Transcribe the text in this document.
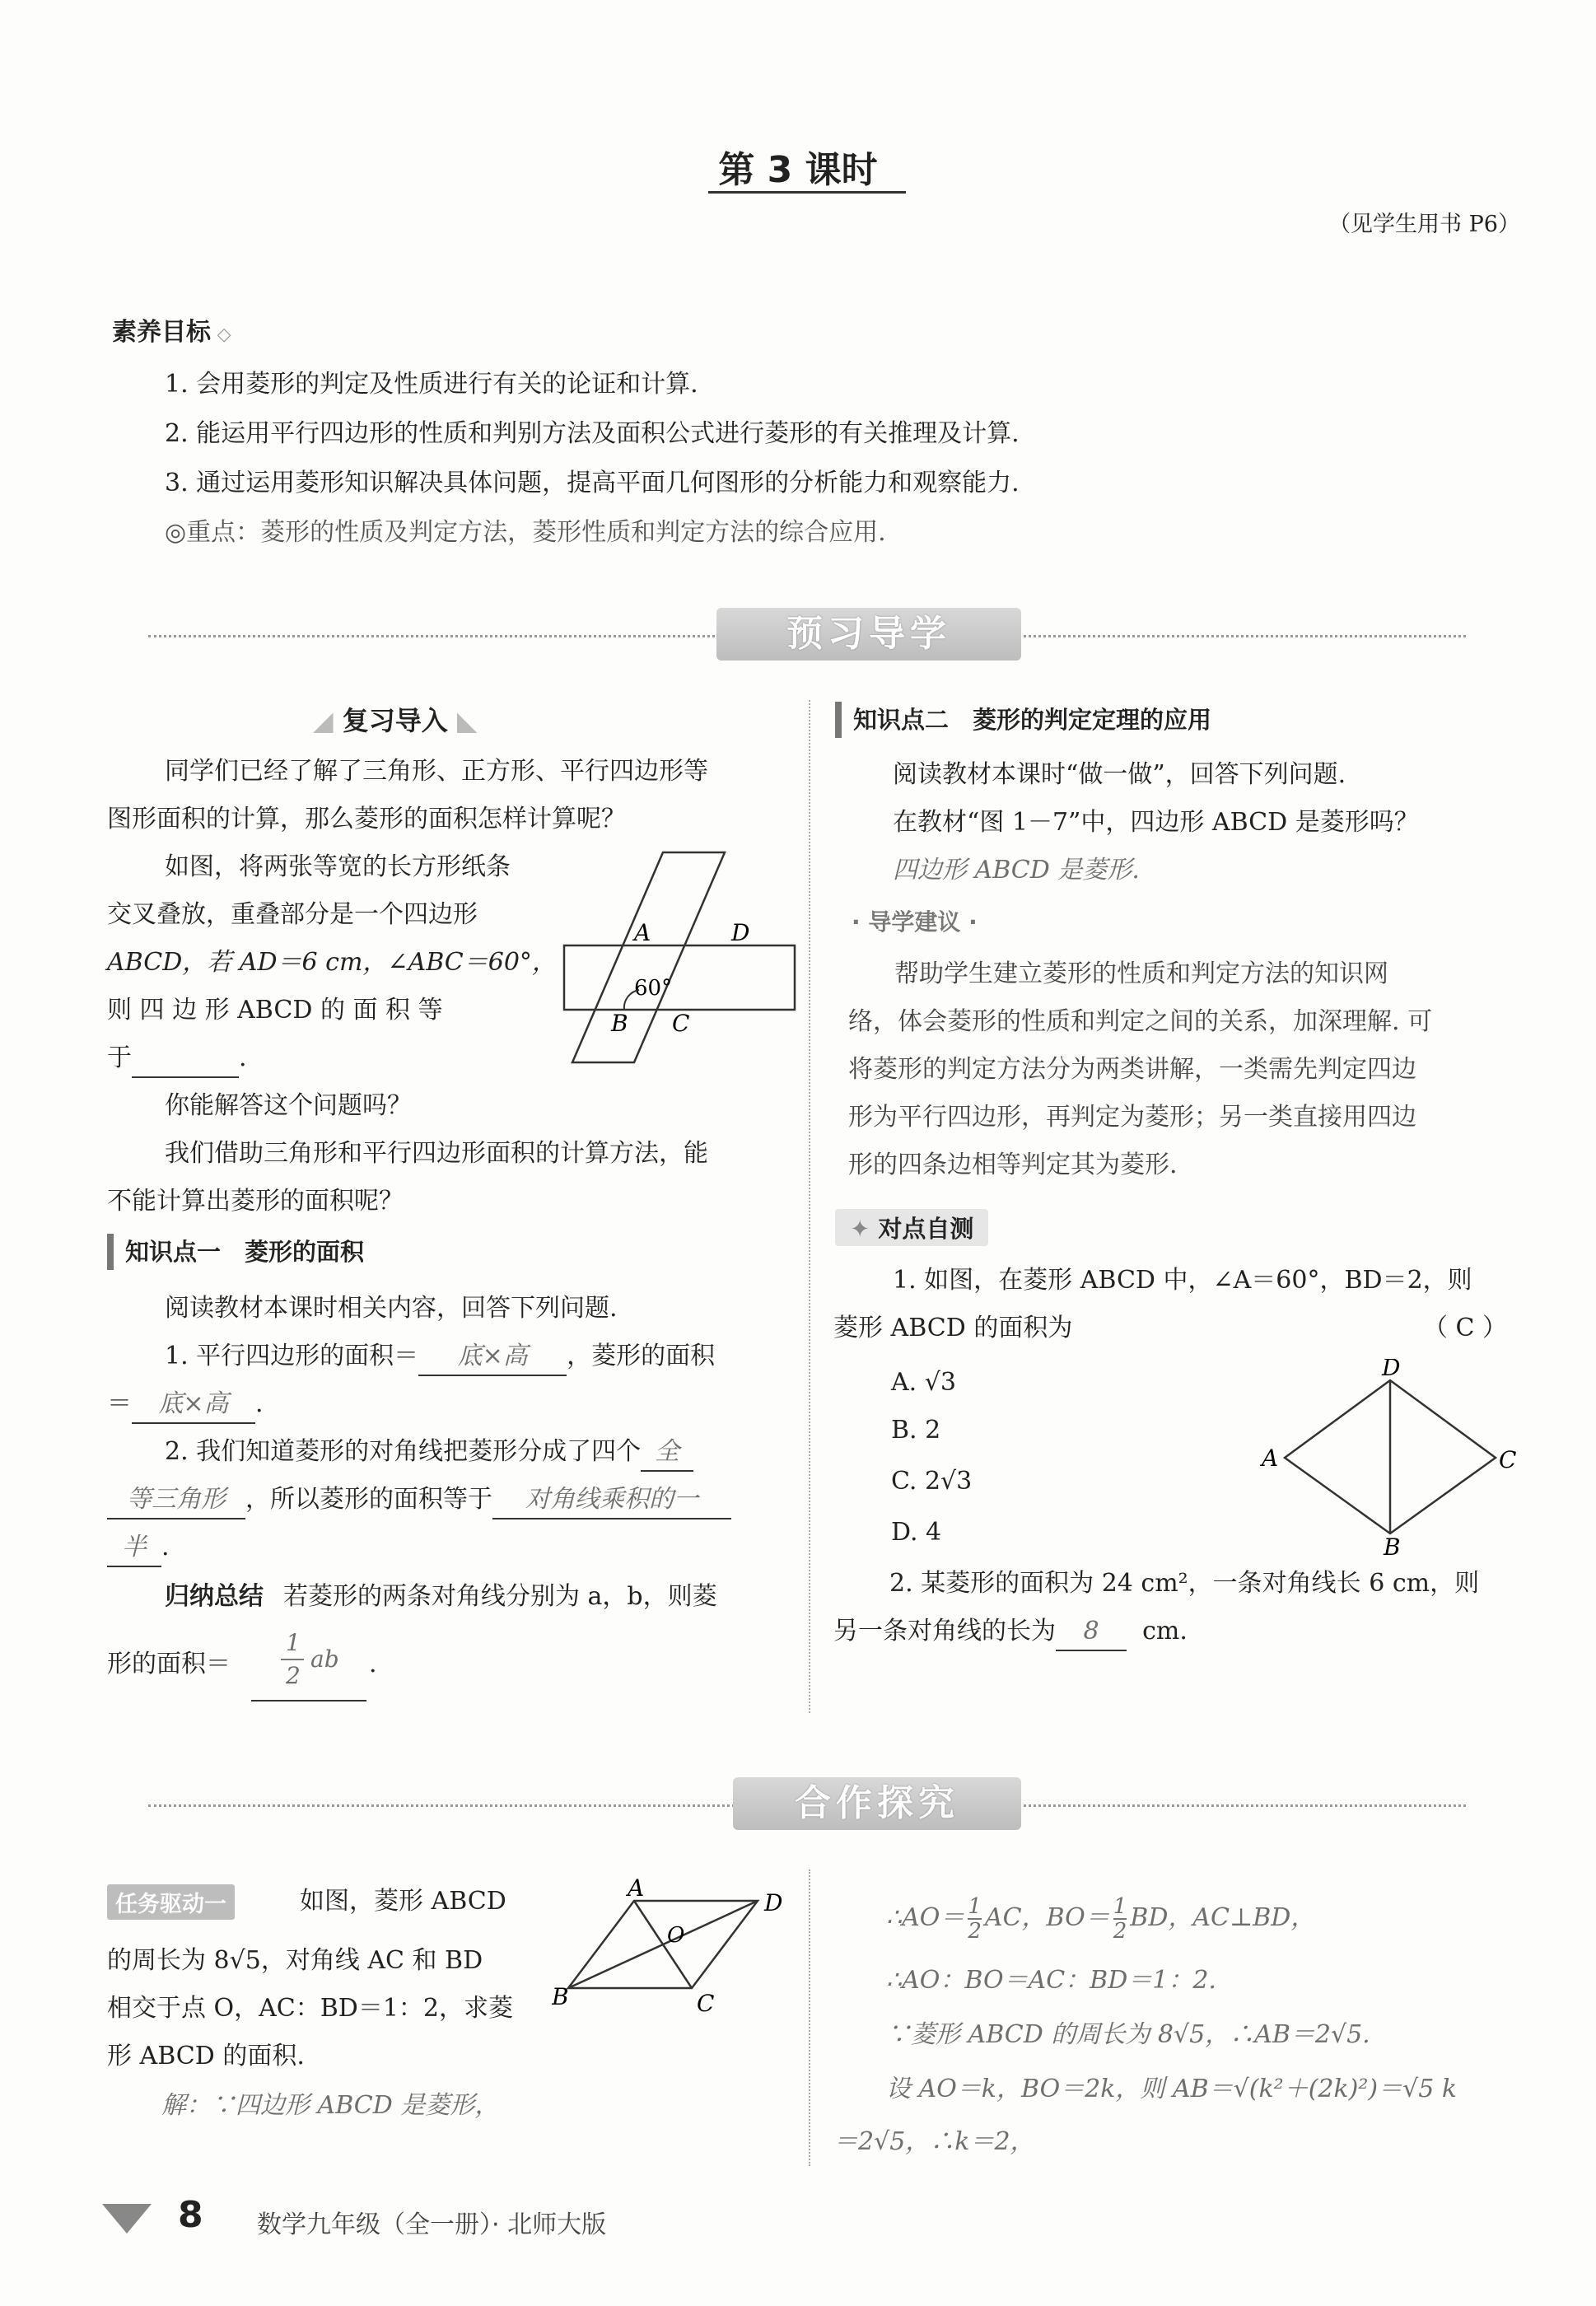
第 3 课时
（见学生用书 P6）
素养目标 ◇
1. 会用菱形的判定及性质进行有关的论证和计算.
2. 能运用平行四边形的性质和判别方法及面积公式进行菱形的有关推理及计算.
3. 通过运用菱形知识解决具体问题，提高平面几何图形的分析能力和观察能力.
◎重点：菱形的性质及判定方法，菱形性质和判定方法的综合应用.
预习导学
◢ 复习导入 ◣
同学们已经了解了三角形、正方形、平行四边形等
图形面积的计算，那么菱形的面积怎样计算呢？
如图，将两张等宽的长方形纸条
交叉叠放，重叠部分是一个四边形
ABCD，若 AD＝6 cm，∠ABC＝60°，
则 四 边 形 ABCD 的 面 积 等
于	.
A	D
B C
60°
你能解答这个问题吗？
我们借助三角形和平行四边形面积的计算方法，能
不能计算出菱形的面积呢？
知识点一　菱形的面积
阅读教材本课时相关内容，回答下列问题.
1. 平行四边形的面积＝ 底×高 ，菱形的面积
＝ 底×高 .
2. 我们知道菱形的对角线把菱形分成了四个 全
等三角形 ，所以菱形的面积等于 对角线乘积的一
半 .
归纳总结 若菱形的两条对角线分别为 a，b，则菱
形的面积＝
1
2
ab .
知识点二　菱形的判定定理的应用
阅读教材本课时“做一做”，回答下列问题.
在教材“图 1－7”中，四边形 ABCD 是菱形吗？
四边形 ABCD 是菱形.
· 导学建议 ·
帮助学生建立菱形的性质和判定方法的知识网
络，体会菱形的性质和判定之间的关系，加深理解. 可
将菱形的判定方法分为两类讲解，一类需先判定四边
形为平行四边形，再判定为菱形；另一类直接用四边
形的四条边相等判定其为菱形.
✦ 对点自测
1. 如图，在菱形 ABCD 中，∠A＝60°，BD＝2，则
菱形 ABCD 的面积为	（ C ）
A. √3
B. 2
C. 2√3
D. 4
D
A	C
B
2. 某菱形的面积为 24 cm²，一条对角线长 6 cm，则
另一条对角线的长为 8 cm.
合作探究
任务驱动一	如图，菱形 ABCD
的周长为 8√5，对角线 AC 和 BD
相交于点 O，AC：BD＝1：2，求菱
形 ABCD 的面积.
解：∵四边形 ABCD 是菱形，
A
D
B	C
O
∴AO＝ $\frac{1}{2}$ AC，$BO= \frac{1}{2}$ BD，AC⊥BD，
∴AO：BO＝AC：BD＝1：2.
∵菱形 ABCD 的周长为 8√5，∴AB＝2√5.
设 AO＝k，BO＝2k，则 AB＝√(k²＋(2k)²)＝√5 k
＝2√5，∴k＝2，
8 数学九年级（全一册）· 北师大版
